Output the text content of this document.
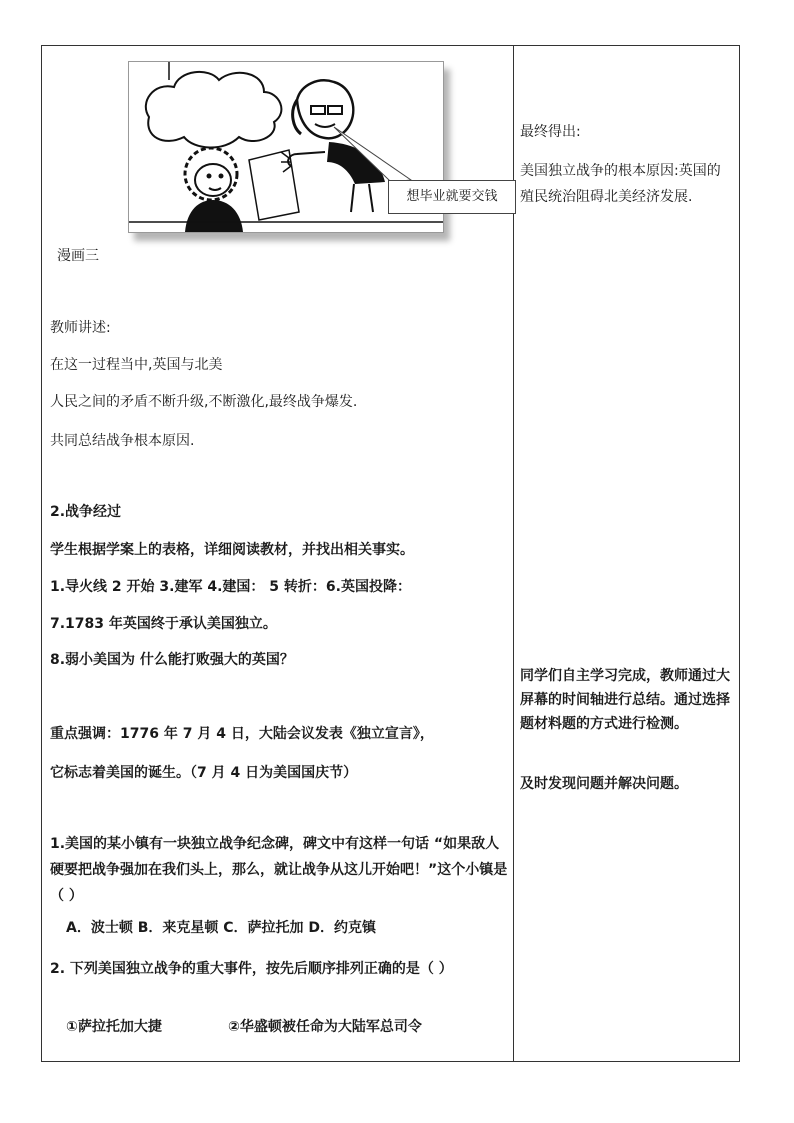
想毕业就要交钱
漫画三
教师讲述:
在这一过程当中,英国与北美
人民之间的矛盾不断升级,不断激化,最终战争爆发.
共同总结战争根本原因.
2.战争经过
学生根据学案上的表格，详细阅读教材，并找出相关事实。
1.导火线 2 开始 3.建军 4.建国： 5 转折：6.英国投降：
7.1783 年英国终于承认美国独立。
8.弱小美国为 什么能打败强大的英国？
重点强调：1776 年 7 月 4 日，大陆会议发表《独立宣言》，
它标志着美国的诞生。（7 月 4 日为美国国庆节）
1.美国的某小镇有一块独立战争纪念碑，碑文中有这样一句话 “如果敌人硬要把战争强加在我们头上，那么，就让战争从这儿开始吧！”这个小镇是（ ）
A．波士顿 B．来克星顿 C．萨拉托加 D．约克镇
2. 下列美国独立战争的重大事件，按先后顺序排列正确的是（ ）
①萨拉托加大捷	②华盛顿被任命为大陆军总司令
最终得出:
美国独立战争的根本原因:英国的殖民统治阻碍北美经济发展.
同学们自主学习完成，教师通过大屏幕的时间轴进行总结。通过选择题材料题的方式进行检测。
及时发现问题并解决问题。
